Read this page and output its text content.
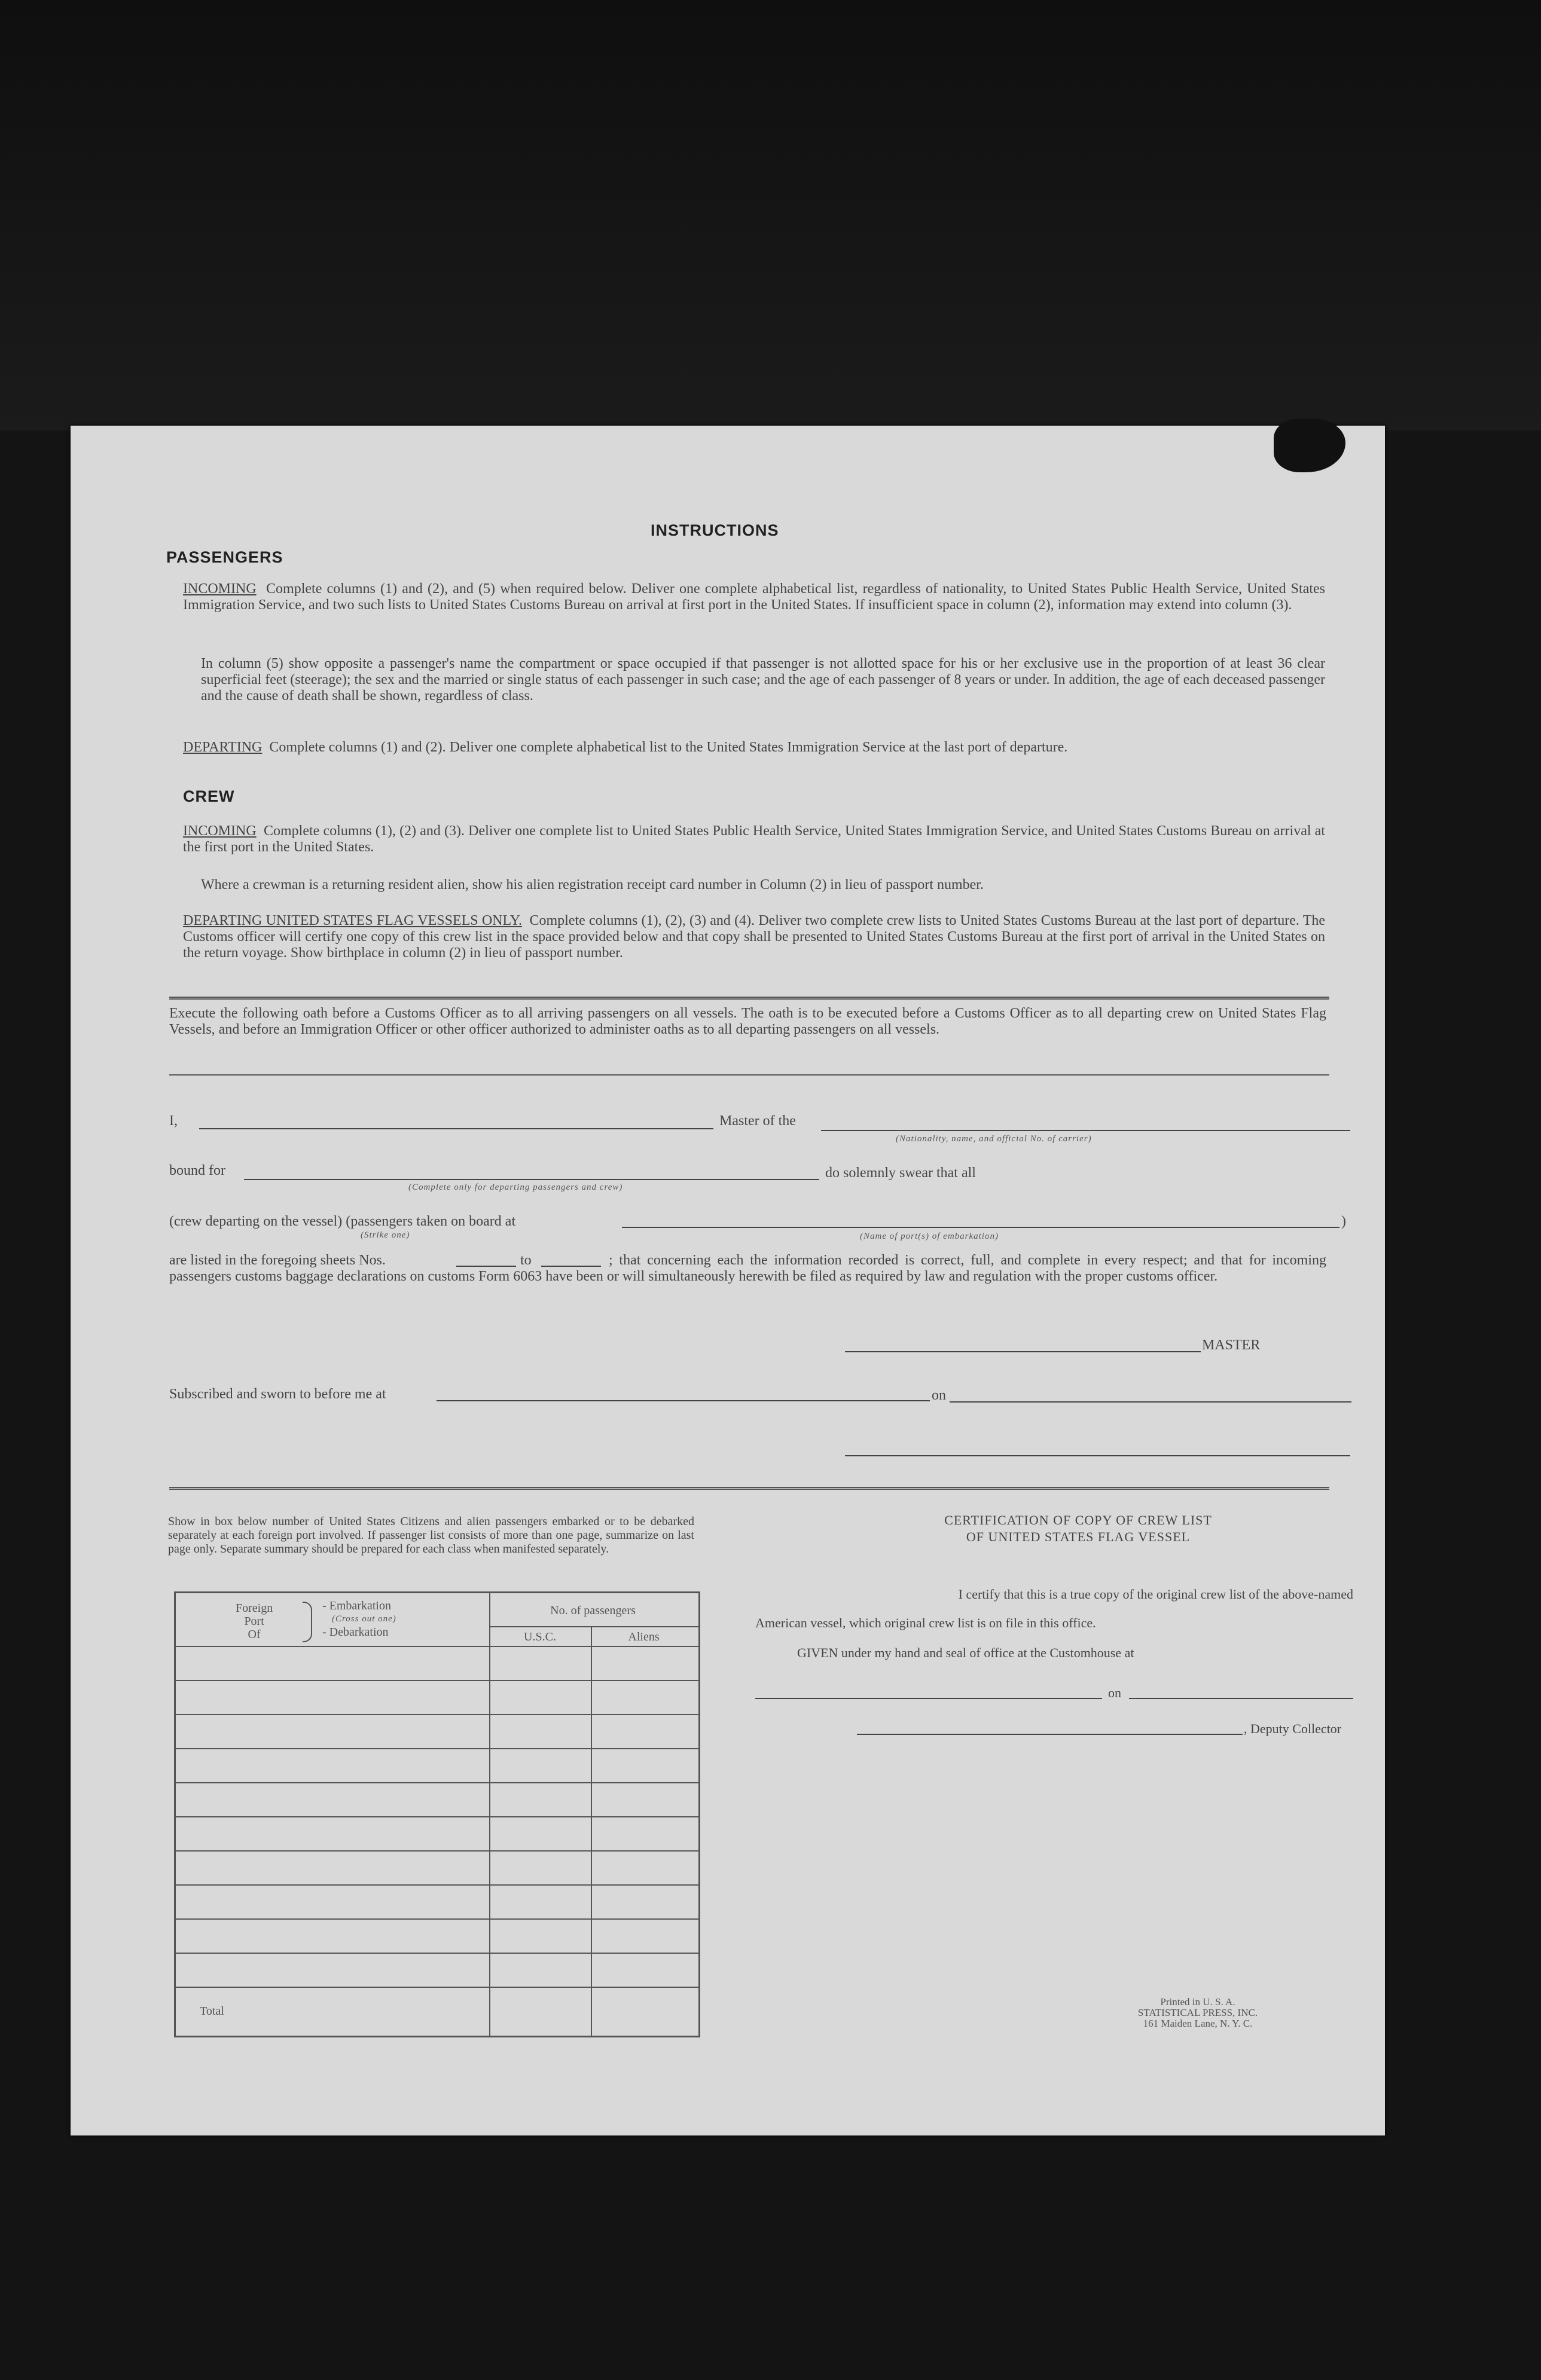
INSTRUCTIONS
PASSENGERS
INCOMING Complete columns (1) and (2), and (5) when required below. Deliver one complete alphabetical list, regardless of nationality, to United States Public Health Service, United States Immigration Service, and two such lists to United States Customs Bureau on arrival at first port in the United States. If insufficient space in column (2), information may extend into column (3).
In column (5) show opposite a passenger's name the compartment or space occupied if that passenger is not allotted space for his or her exclusive use in the proportion of at least 36 clear superficial feet (steerage); the sex and the married or single status of each passenger in such case; and the age of each passenger of 8 years or under. In addition, the age of each deceased passenger and the cause of death shall be shown, regardless of class.
DEPARTING Complete columns (1) and (2). Deliver one complete alphabetical list to the United States Immigration Service at the last port of departure.
CREW
INCOMING Complete columns (1), (2) and (3). Deliver one complete list to United States Public Health Service, United States Immigration Service, and United States Customs Bureau on arrival at the first port in the United States.
Where a crewman is a returning resident alien, show his alien registration receipt card number in Column (2) in lieu of passport number.
DEPARTING UNITED STATES FLAG VESSELS ONLY. Complete columns (1), (2), (3) and (4). Deliver two complete crew lists to United States Customs Bureau at the last port of departure. The Customs officer will certify one copy of this crew list in the space provided below and that copy shall be presented to United States Customs Bureau at the first port of arrival in the United States on the return voyage. Show birthplace in column (2) in lieu of passport number.
Execute the following oath before a Customs Officer as to all arriving passengers on all vessels. The oath is to be executed before a Customs Officer as to all departing crew on United States Flag Vessels, and before an Immigration Officer or other officer authorized to administer oaths as to all departing passengers on all vessels.
I,	Master of the
(Nationality, name, and official No. of carrier)
bound for
(Complete only for departing passengers and crew)
do solemnly swear that all
(crew departing on the vessel) (passengers taken on board at
(Strike one)
)
(Name of port(s) of embarkation)
are listed in the foregoing sheets Nos.	to	; that concerning each the information recorded is correct, full, and complete in every respect; and that for incoming passengers customs baggage declarations on customs Form 6063 have been or will simultaneously herewith be filed as required by law and regulation with the proper customs officer.
MASTER
Subscribed and sworn to before me at	on
Show in box below number of United States Citizens and alien passengers embarked or to be debarked separately at each foreign port involved. If passenger list consists of more than one page, summarize on last page only. Separate summary should be prepared for each class when manifested separately.
Foreign
Port
Of
- Embarkation
(Cross out one)
- Debarkation
No. of passengers
U.S.C.	Aliens
Total
CERTIFICATION OF COPY OF CREW LIST
OF UNITED STATES FLAG VESSEL
I certify that this is a true copy of the original crew list of the above-named
American vessel, which original crew list is on file in this office.
GIVEN under my hand and seal of office at the Customhouse at
on
, Deputy Collector
Printed in U. S. A.
STATISTICAL PRESS, INC.
161 Maiden Lane, N. Y. C.
